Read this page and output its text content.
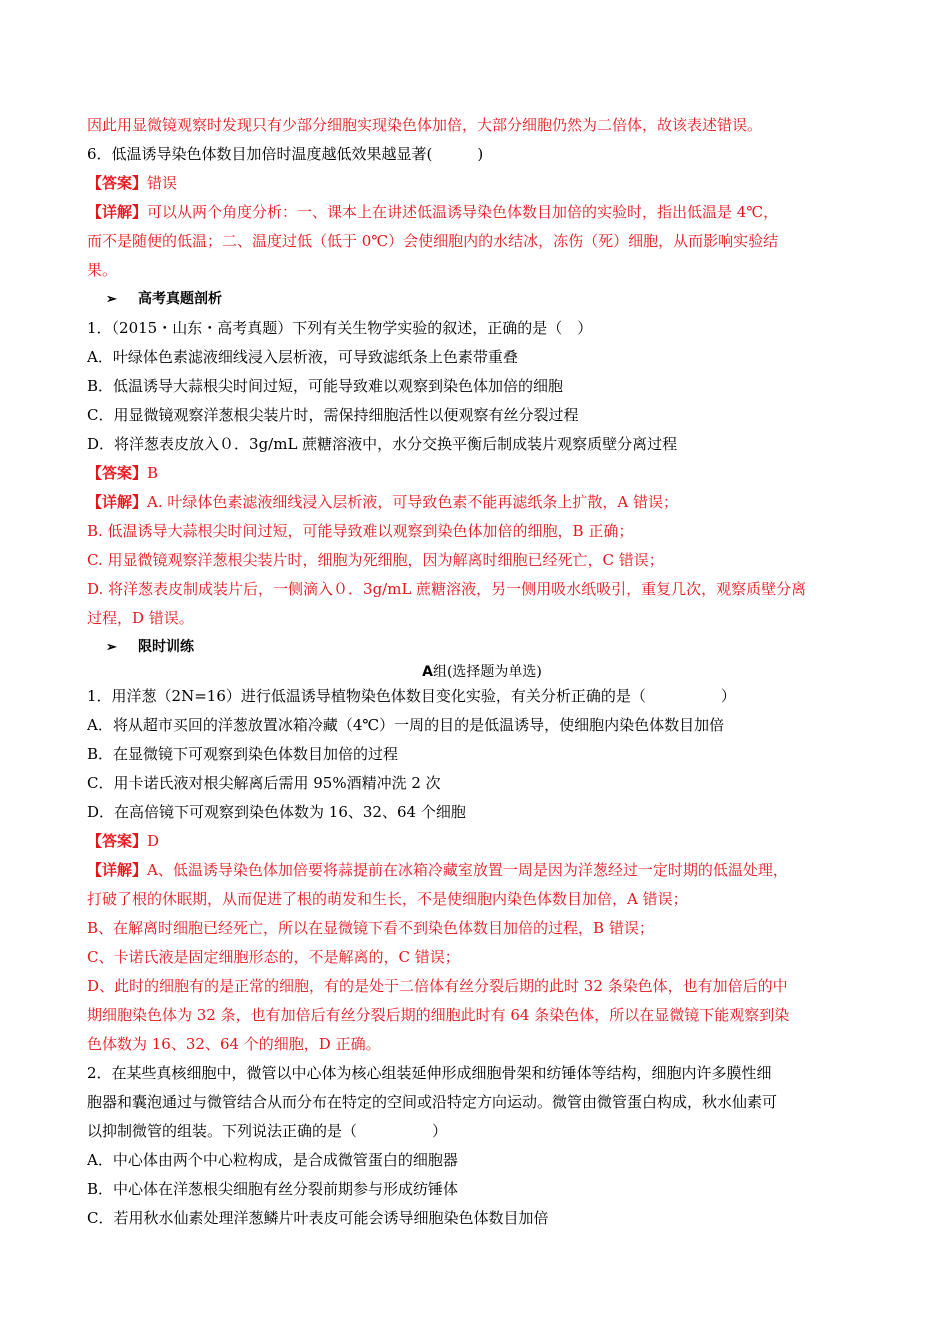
因此用显微镜观察时发现只有少部分细胞实现染色体加倍，大部分细胞仍然为二倍体，故该表述错误。
6．低温诱导染色体数目加倍时温度越低效果越显著(　　　)
【答案】错误
【详解】可以从两个角度分析：一、课本上在讲述低温诱导染色体数目加倍的实验时，指出低温是 4℃，
而不是随便的低温；二、温度过低（低于 0℃）会使细胞内的水结冰，冻伤（死）细胞，从而影响实验结
果。
➢ 高考真题剖析
1．（2015・山东・高考真题）下列有关生物学实验的叙述，正确的是（　）
A．叶绿体色素滤液细线浸入层析液，可导致滤纸条上色素带重叠
B．低温诱导大蒜根尖时间过短，可能导致难以观察到染色体加倍的细胞
C．用显微镜观察洋葱根尖装片时，需保持细胞活性以便观察有丝分裂过程
D．将洋葱表皮放入０．3g/mL 蔗糖溶液中，水分交换平衡后制成装片观察质壁分离过程
【答案】B
【详解】A. 叶绿体色素滤液细线浸入层析液，可导致色素不能再滤纸条上扩散，A 错误；
B. 低温诱导大蒜根尖时间过短，可能导致难以观察到染色体加倍的细胞，B 正确；
C. 用显微镜观察洋葱根尖装片时，细胞为死细胞，因为解离时细胞已经死亡，C 错误；
D. 将洋葱表皮制成装片后，一侧滴入０．3g/mL 蔗糖溶液，另一侧用吸水纸吸引，重复几次，观察质壁分离
过程，D 错误。
➢ 限时训练
A组(选择题为单选)
1．用洋葱（2N=16）进行低温诱导植物染色体数目变化实验，有关分析正确的是（　　　　　）
A．将从超市买回的洋葱放置冰箱冷藏（4℃）一周的目的是低温诱导，使细胞内染色体数目加倍
B．在显微镜下可观察到染色体数目加倍的过程
C．用卡诺氏液对根尖解离后需用 95%酒精冲洗 2 次
D．在高倍镜下可观察到染色体数为 16、32、64 个细胞
【答案】D
【详解】A、低温诱导染色体加倍要将蒜提前在冰箱冷藏室放置一周是因为洋葱经过一定时期的低温处理，
打破了根的休眠期，从而促进了根的萌发和生长，不是使细胞内染色体数目加倍，A 错误；
B、在解离时细胞已经死亡，所以在显微镜下看不到染色体数目加倍的过程，B 错误；
C、卡诺氏液是固定细胞形态的，不是解离的，C 错误；
D、此时的细胞有的是正常的细胞，有的是处于二倍体有丝分裂后期的此时 32 条染色体，也有加倍后的中
期细胞染色体为 32 条，也有加倍后有丝分裂后期的细胞此时有 64 条染色体，所以在显微镜下能观察到染
色体数为 16、32、64 个的细胞，D 正确。
2．在某些真核细胞中，微管以中心体为核心组装延伸形成细胞骨架和纺锤体等结构，细胞内许多膜性细
胞器和囊泡通过与微管结合从而分布在特定的空间或沿特定方向运动。微管由微管蛋白构成，秋水仙素可
以抑制微管的组装。下列说法正确的是（　　　　　）
A．中心体由两个中心粒构成，是合成微管蛋白的细胞器
B．中心体在洋葱根尖细胞有丝分裂前期参与形成纺锤体
C．若用秋水仙素处理洋葱鳞片叶表皮可能会诱导细胞染色体数目加倍
